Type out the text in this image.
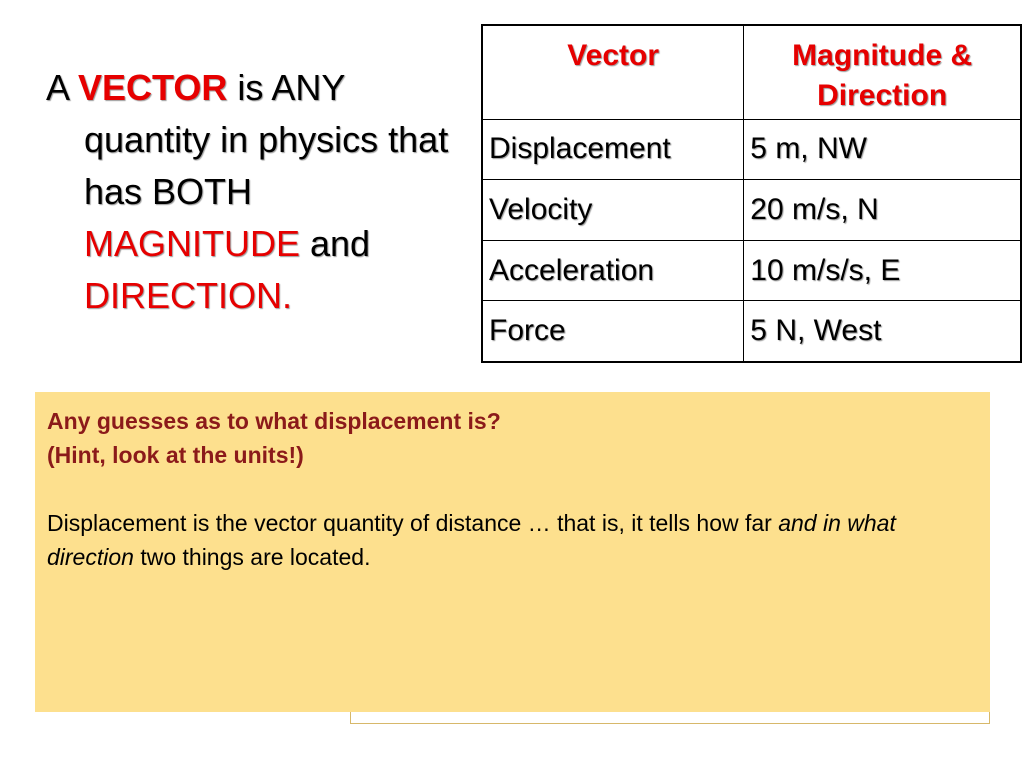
A VECTOR is ANY quantity in physics that has BOTH MAGNITUDE and DIRECTION.

Vector	Magnitude & Direction
Displacement	5 m, NW
Velocity	20 m/s, N
Acceleration	10 m/s/s, E
Force	5 N, West
Any guesses as to what displacement is?
(Hint, look at the units!)
Displacement is the vector quantity of distance … that is, it tells how far and in what direction two things are located.
